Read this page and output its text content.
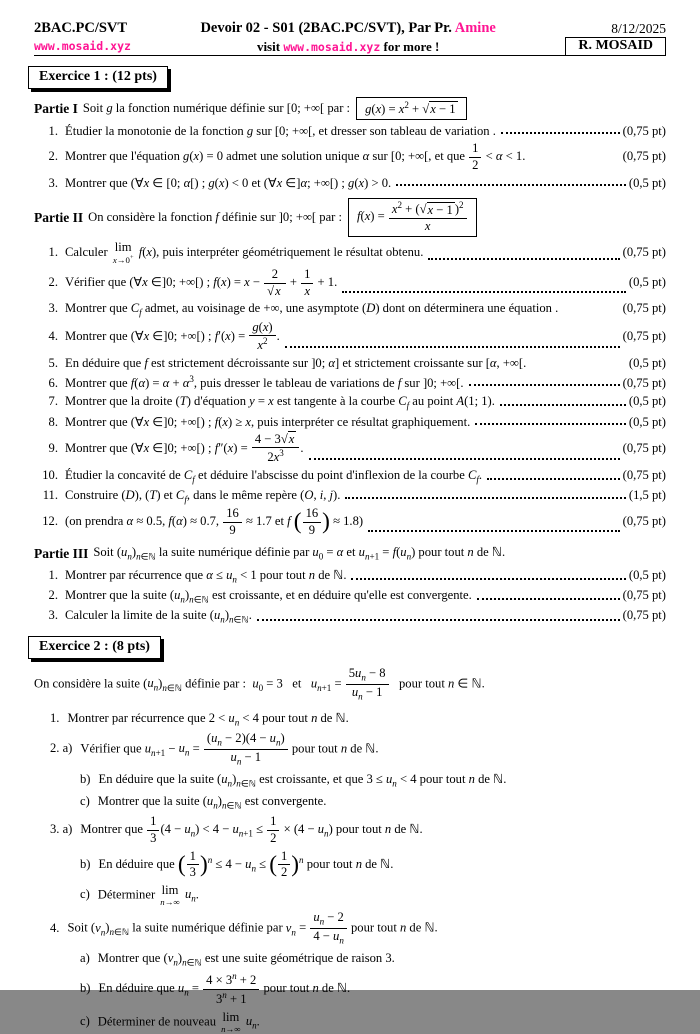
2BAC.PC/SVT
www.mosaid.xyz
Devoir 02 - S01 (2BAC.PC/SVT), Par Pr. Amine
visit www.mosaid.xyz for more !
8/12/2025
R. MOSAID
Exercice 1 : (12 pts)
Partie I Soit g la fonction numérique définie sur [0; +∞[ par :	$g(x) = x^2 + √x - 1$
1. Étudier la monotonie de la fonction g sur [0; +∞[, et dresser son tableau de variation .	(0,75 pt)
2. Montrer que l'équation g(x) = 0 admet une solution unique α sur [0; +∞[, et que $\frac{1}{2} < \alpha < 1$.	(0,75 pt)
3. Montrer que (∀x ∈ [0; α[) ; g(x) < 0 et (∀x ∈]α; +∞[) ; g(x) > 0.	(0,5 pt)
Partie II On considère la fonction f définie sur ]0; +∞[ par :	$f(x) = \frac{x^2 + (√x - 1 )^2}{x}$
1. Calculer lim
x→0+ f(x), puis interpréter géométriquement le résultat obtenu.	(0,75 pt)
2. Vérifier que (∀x ∈]0; +∞[) ; $f(x) = x - \frac{2}{√x} + \frac{1}{x} + 1$.	(0,5 pt)
3. Montrer que $C_f$ admet, au voisinage de +∞, une asymptote (D) dont on déterminera une équation .	(0,75 pt)
4. Montrer que (∀x ∈]0; +∞[) ; $f'(x) = \frac{g(x)}{x^2}$ .	(0,75 pt)
5. En déduire que f est strictement décroissante sur ]0; α] et strictement croissante sur [α, +∞[.	(0,5 pt)
6. Montrer que $f(\alpha) = \alpha + \alpha^3$, puis dresser le tableau de variations de f sur ]0; +∞[.	(0,75 pt)
7. Montrer que la droite (T) d'équation y = x est tangente à la courbe $C_f$ au point A(1; 1).	(0,5 pt)
8. Montrer que (∀x ∈]0; +∞[) ; f(x) ≥ x, puis interpréter ce résultat graphiquement.	(0,5 pt)
9. Montrer que (∀x ∈]0; +∞[) ; $f''(x) = \frac{4 - 3√x}{2x^3}$ .	(0,75 pt)
10. Étudier la concavité de $C_f$ et déduire l'abscisse du point d'inflexion de la courbe $C_f$.	(0,75 pt)
11. Construire (D), (T) et $C_f$, dans le même repère (O, i, j).	(1,5 pt)
12. (on prendra α ≈ 0.5, f(α) ≈ 0.7, $\frac{16}{9} \approx 1.7$ et f ( $\frac{16}{9}$ ) ≈ 1.8)	(0,75 pt)
Partie III Soit $(u_n)_{n\in ℕ}$ la suite numérique définie par $u_0 = \alpha$ et $u_{n+1} = f(u_n)$ pour tout n de ℕ.
1. Montrer par récurrence que $\alpha \le u_n < 1$ pour tout n de ℕ.	(0,5 pt)
2. Montrer que la suite $(u_n)_{n\in ℕ}$ est croissante, et en déduire qu'elle est convergente.	(0,75 pt)
3. Calculer la limite de la suite $(u_n)_{n\in ℕ}$.	(0,75 pt)
Exercice 2 : (8 pts)
On considère la suite $(u_n)_{n\in ℕ}$ définie par :  $u_0 = 3$   et   $u_{n+1} = \frac{5u_n - 8}{u_n - 1}$ pour tout n ∈ ℕ.
1. Montrer par récurrence que $2 < u_n < 4$ pour tout n de ℕ.
2. a) Vérifier que $u_{n+1} - u_n = \frac{(u_n - 2)(4 - u_n)}{u_n - 1}$ pour tout n de ℕ.
b) En déduire que la suite $(u_n)_{n\in ℕ}$ est croissante, et que $3 \le u_n < 4$ pour tout n de ℕ.
c) Montrer que la suite $(u_n)_{n\in ℕ}$ est convergente.
3. a) Montrer que $\frac{1}{3} (4 - u_n) < 4 - u_{n+1} \le \frac{1}{2} \times (4 - u_n)$ pour tout n de ℕ.
b) En déduire que ( $\frac{1}{3} )^n \le 4 - u_n$ ≤ ( $\frac{1}{2} )^n$ pour tout n de ℕ.
c) Déterminer lim
n→∞
$u_n$.
4. Soit $(v_n)_{n\in ℕ}$ la suite numérique définie par $v_n = \frac{u_n - 2}{4 - u_n}$ pour tout n de ℕ.
a) Montrer que $(v_n)_{n\in ℕ}$ est une suite géométrique de raison 3.
b) En déduire que $u_n = \frac{4 \times 3^n + 2}{3^n + 1}$ pour tout n de ℕ.
c) Déterminer de nouveau lim
n→∞
$u_n$.
